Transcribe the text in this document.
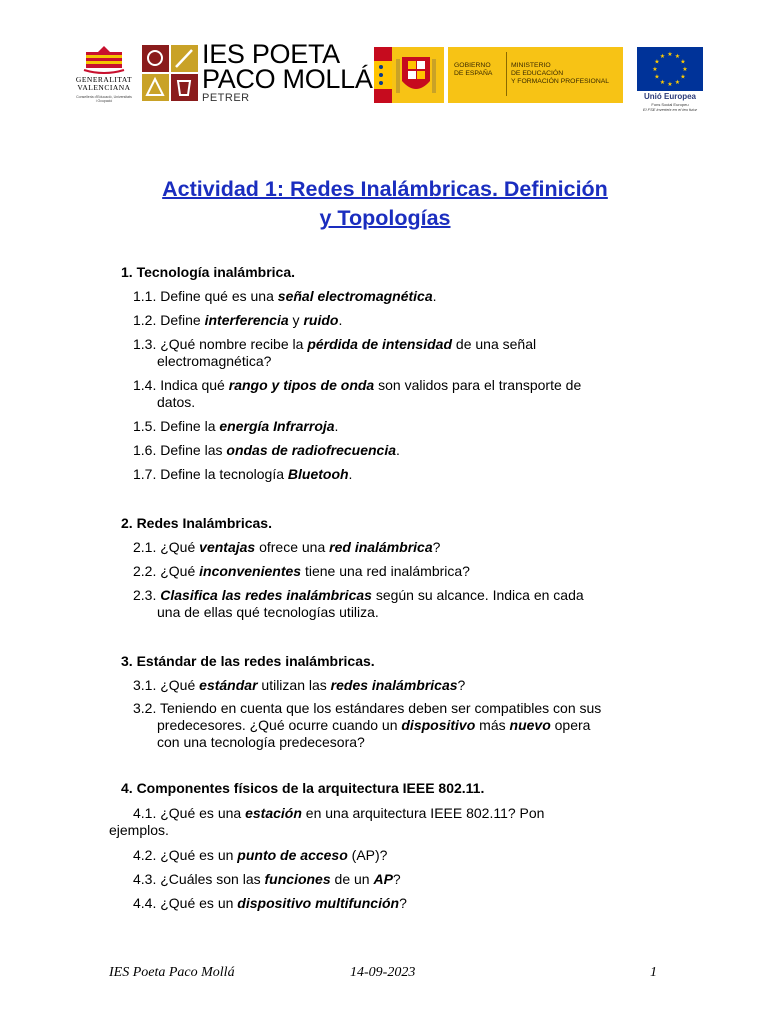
GENERALITAT
VALENCIANA
Conselleria d'Educació, Universitats
i Ocupació
IES POETA
PACO MOLLÁ
PETRER
GOBIERNO
DE ESPAÑA
MINISTERIO
DE EDUCACIÓN
Y FORMACIÓN PROFESIONAL
★ ★
★
★
★
★
★
★
★
★
★
★
Unió Europea
Fons Social Europeu
El FSE inverteix en el teu futur
Actividad 1: Redes Inalámbricas. Definición
y Topologías
1. Tecnología inalámbrica.
1.1. Define qué es una señal electromagnética.
1.2. Define interferencia y ruido.
1.3. ¿Qué nombre recibe la pérdida de intensidad de una señal
electromagnética?
1.4. Indica qué rango y tipos de onda son validos para el transporte de
datos.
1.5. Define la energía Infrarroja.
1.6. Define las ondas de radiofrecuencia.
1.7. Define la tecnología Bluetooh.
2. Redes Inalámbricas.
2.1. ¿Qué ventajas ofrece una red inalámbrica?
2.2. ¿Qué inconvenientes tiene una red inalámbrica?
2.3. Clasifica las redes inalámbricas según su alcance. Indica en cada
una de ellas qué tecnologías utiliza.
3. Estándar de las redes inalámbricas.
3.1. ¿Qué estándar utilizan las redes inalámbricas?
3.2. Teniendo en cuenta que los estándares deben ser compatibles con sus
predecesores. ¿Qué ocurre cuando un dispositivo más nuevo opera
con una tecnología predecesora?
4. Componentes físicos de la arquitectura IEEE 802.11.
4.1. ¿Qué es una estación en una arquitectura IEEE 802.11? Pon
ejemplos.
4.2. ¿Qué es un punto de acceso (AP)?
4.3. ¿Cuáles son las funciones de un AP?
4.4. ¿Qué es un dispositivo multifunción?
IES Poeta Paco Mollá	14-09-2023	1
